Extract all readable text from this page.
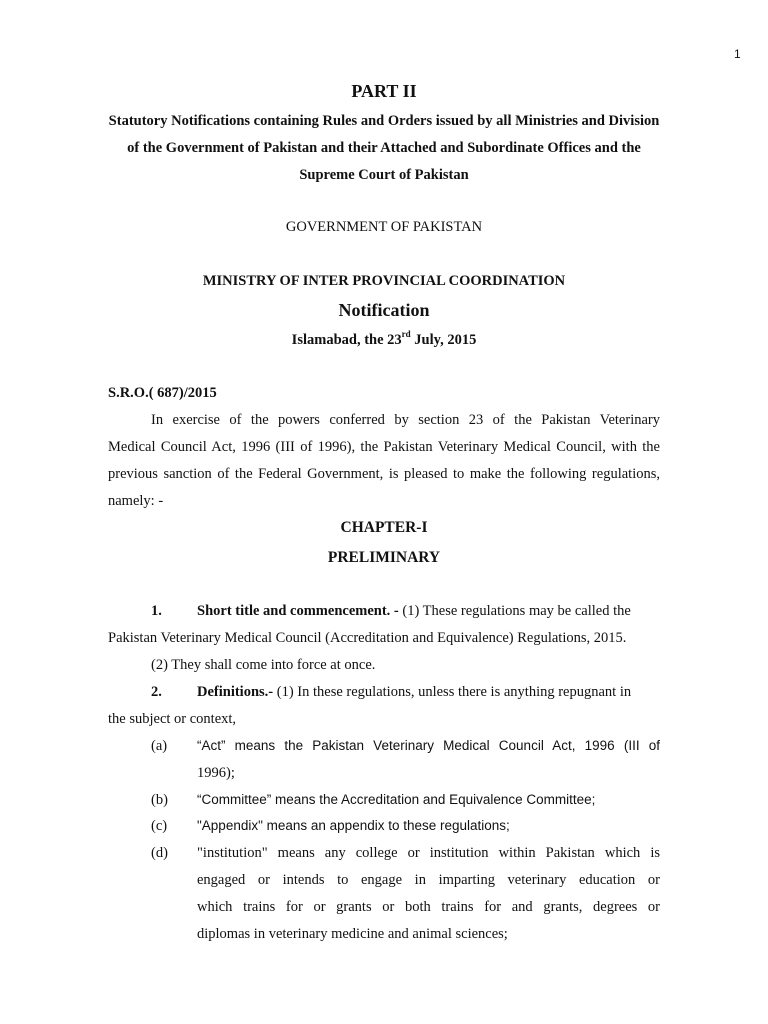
1
PART II
Statutory Notifications containing Rules and Orders issued by all Ministries and Division
of the Government of Pakistan and their Attached and Subordinate Offices and the
Supreme Court of Pakistan
GOVERNMENT OF PAKISTAN
MINISTRY OF INTER PROVINCIAL COORDINATION
Notification
Islamabad, the 23rd July, 2015
S.R.O.( 687)/2015
In exercise of the powers conferred by section 23 of the Pakistan Veterinary
Medical Council Act, 1996 (III of 1996), the Pakistan Veterinary Medical Council, with the
previous sanction of the Federal Government, is pleased to make the following regulations,
namely: -
CHAPTER-I
PRELIMINARY
1. Short title and commencement. - (1) These regulations may be called the
Pakistan Veterinary Medical Council (Accreditation and Equivalence) Regulations, 2015.
(2) They shall come into force at once.
2. Definitions.- (1) In these regulations, unless there is anything repugnant in
the subject or context,
(a) “Act” means the Pakistan Veterinary Medical Council Act, 1996 (III of
1996);
(b) “Committee” means the Accreditation and Equivalence Committee;
(c) "Appendix" means an appendix to these regulations;
(d) "institution" means any college or institution within Pakistan which is
engaged or intends to engage in imparting veterinary education or
which trains for or grants or both trains for and grants, degrees or
diplomas in veterinary medicine and animal sciences;
